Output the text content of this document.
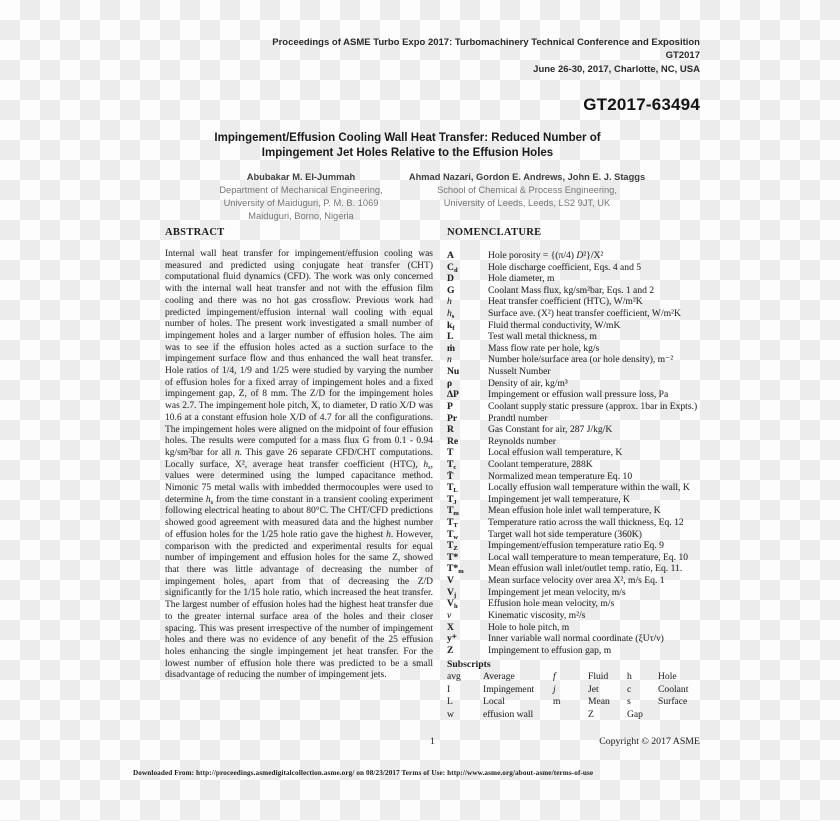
Proceedings of ASME Turbo Expo 2017: Turbomachinery Technical Conference and Exposition
GT2017
June 26-30, 2017, Charlotte, NC, USA
GT2017-63494
Impingement/Effusion Cooling Wall Heat Transfer: Reduced Number of
Impingement Jet Holes Relative to the Effusion Holes
Abubakar M. El-Jummah
Department of Mechanical Engineering,
University of Maiduguri, P. M. B. 1069
Maiduguri, Borno, Nigeria
Ahmad Nazari, Gordon E. Andrews, John E. J. Staggs
School of Chemical & Process Engineering,
University of Leeds, Leeds, LS2 9JT, UK
ABSTRACT
Internal wall heat transfer for impingement/effusion cooling was measured and predicted using conjugate heat transfer (CHT) computational fluid dynamics (CFD). The work was only concerned with the internal wall heat transfer and not with the effusion film cooling and there was no hot gas crossflow. Previous work had predicted impingement/effusion internal wall cooling with equal number of holes. The present work investigated a small number of impingement holes and a larger number of effusion holes. The aim was to see if the effusion holes acted as a suction surface to the impingement surface flow and thus enhanced the wall heat transfer. Hole ratios of 1/4, 1/9 and 1/25 were studied by varying the number of effusion holes for a fixed array of impingement holes and a fixed impingement gap, Z, of 8 mm. The Z/D for the impingement holes was 2.7. The impingement hole pitch, X, to diameter, D ratio X/D was 10.6 at a constant effusion hole X/D of 4.7 for all the configurations. The impingement holes were aligned on the midpoint of four effusion holes. The results were computed for a mass flux G from 0.1 - 0.94 kg/sm²bar for all n. This gave 26 separate CFD/CHT computations. Locally surface, X², average heat transfer coefficient (HTC), $h_s$, values were determined using the lumped capacitance method. Nimonic 75 metal walls with imbedded thermocouples were used to determine $h_s$ from the time constant in a transient cooling experiment following electrical heating to about 80°C. The CHT/CFD predictions showed good agreement with measured data and the highest number of effusion holes for the 1/25 hole ratio gave the highest h. However, comparison with the predicted and experimental results for equal number of impingement and effusion holes for the same Z, showed that there was little advantage of decreasing the number of impingement holes, apart from that of decreasing the Z/D significantly for the 1/15 hole ratio, which increased the heat transfer. The largest number of effusion holes had the highest heat transfer due to the greater internal surface area of the holes and their closer spacing. This was present irrespective of the number of impingement holes and there was no evidence of any benefit of the 25 effusion holes enhancing the single impingement jet heat transfer. For the lowest number of effusion hole there was predicted to be a small disadvantage of reducing the number of impingement jets.
NOMENCLATURE
A	Hole porosity = {(π/4) D²}/X²
$C_d$	Hole discharge coefficient, Eqs. 4 and 5
D	Hole diameter, m
G	Coolant Mass flux, kg/sm²bar, Eqs. 1 and 2
h	Heat transfer coefficient (HTC), W/m²K
$h_s$	Surface ave. (X²) heat transfer coefficient, W/m²K
$k_f$	Fluid thermal conductivity, W/mK
L	Test wall metal thickness, m
ṁ	Mass flow rate per hole, kg/s
n	Number hole/surface area (or hole density), m⁻²
Nu	Nusselt Number
ρ	Density of air, kg/m³
ΔP	Impingement or effusion wall pressure loss, Pa
P	Coolant supply static pressure (approx. 1bar in Expts.)
Pr	Prandtl number
R	Gas Constant for air, 287 J/kg/K
Re	Reynolds number
T	Local effusion wall temperature, K
$T_c$	Coolant temperature, 288K
T̄	Normalized mean temperature Eq. 10
$T_L$	Locally effusion wall temperature within the wall, K
$T_J$	Impingement jet wall temperature, K
$T_m$	Mean effusion hole inlet wall temperature, K
$T_T$	Temperature ratio across the wall thickness, Eq. 12
$T_w$	Target wall hot side temperature (360K)
$T_Z$	Impingement/effusion temperature ratio Eq. 9
T*	Local wall temperature to mean temperature, Eq. 10
$T*_m$	Mean effusion wall inlet/outlet temp. ratio, Eq. 11.
V	Mean surface velocity over area X², m/s Eq. 1
$V_j$	Impingement jet mean velocity, m/s
$V_h$	Effusion hole mean velocity, m/s
ν	Kinematic viscosity, m²/s
X	Hole to hole pitch, m
y⁺	Inner variable wall normal coordinate (ξUτ/ν)
Z	Impingement to effusion gap, m
Subscripts
avg	Average	f	Fluid	h	Hole
I	Impingement	j	Jet	c	Coolant
L	Local	m	Mean	s	Surface
w	effusion wall	Z	Gap
1	Copyright © 2017 ASME
Downloaded From: http://proceedings.asmedigitalcollection.asme.org/ on 08/23/2017 Terms of Use: http://www.asme.org/about-asme/terms-of-use
